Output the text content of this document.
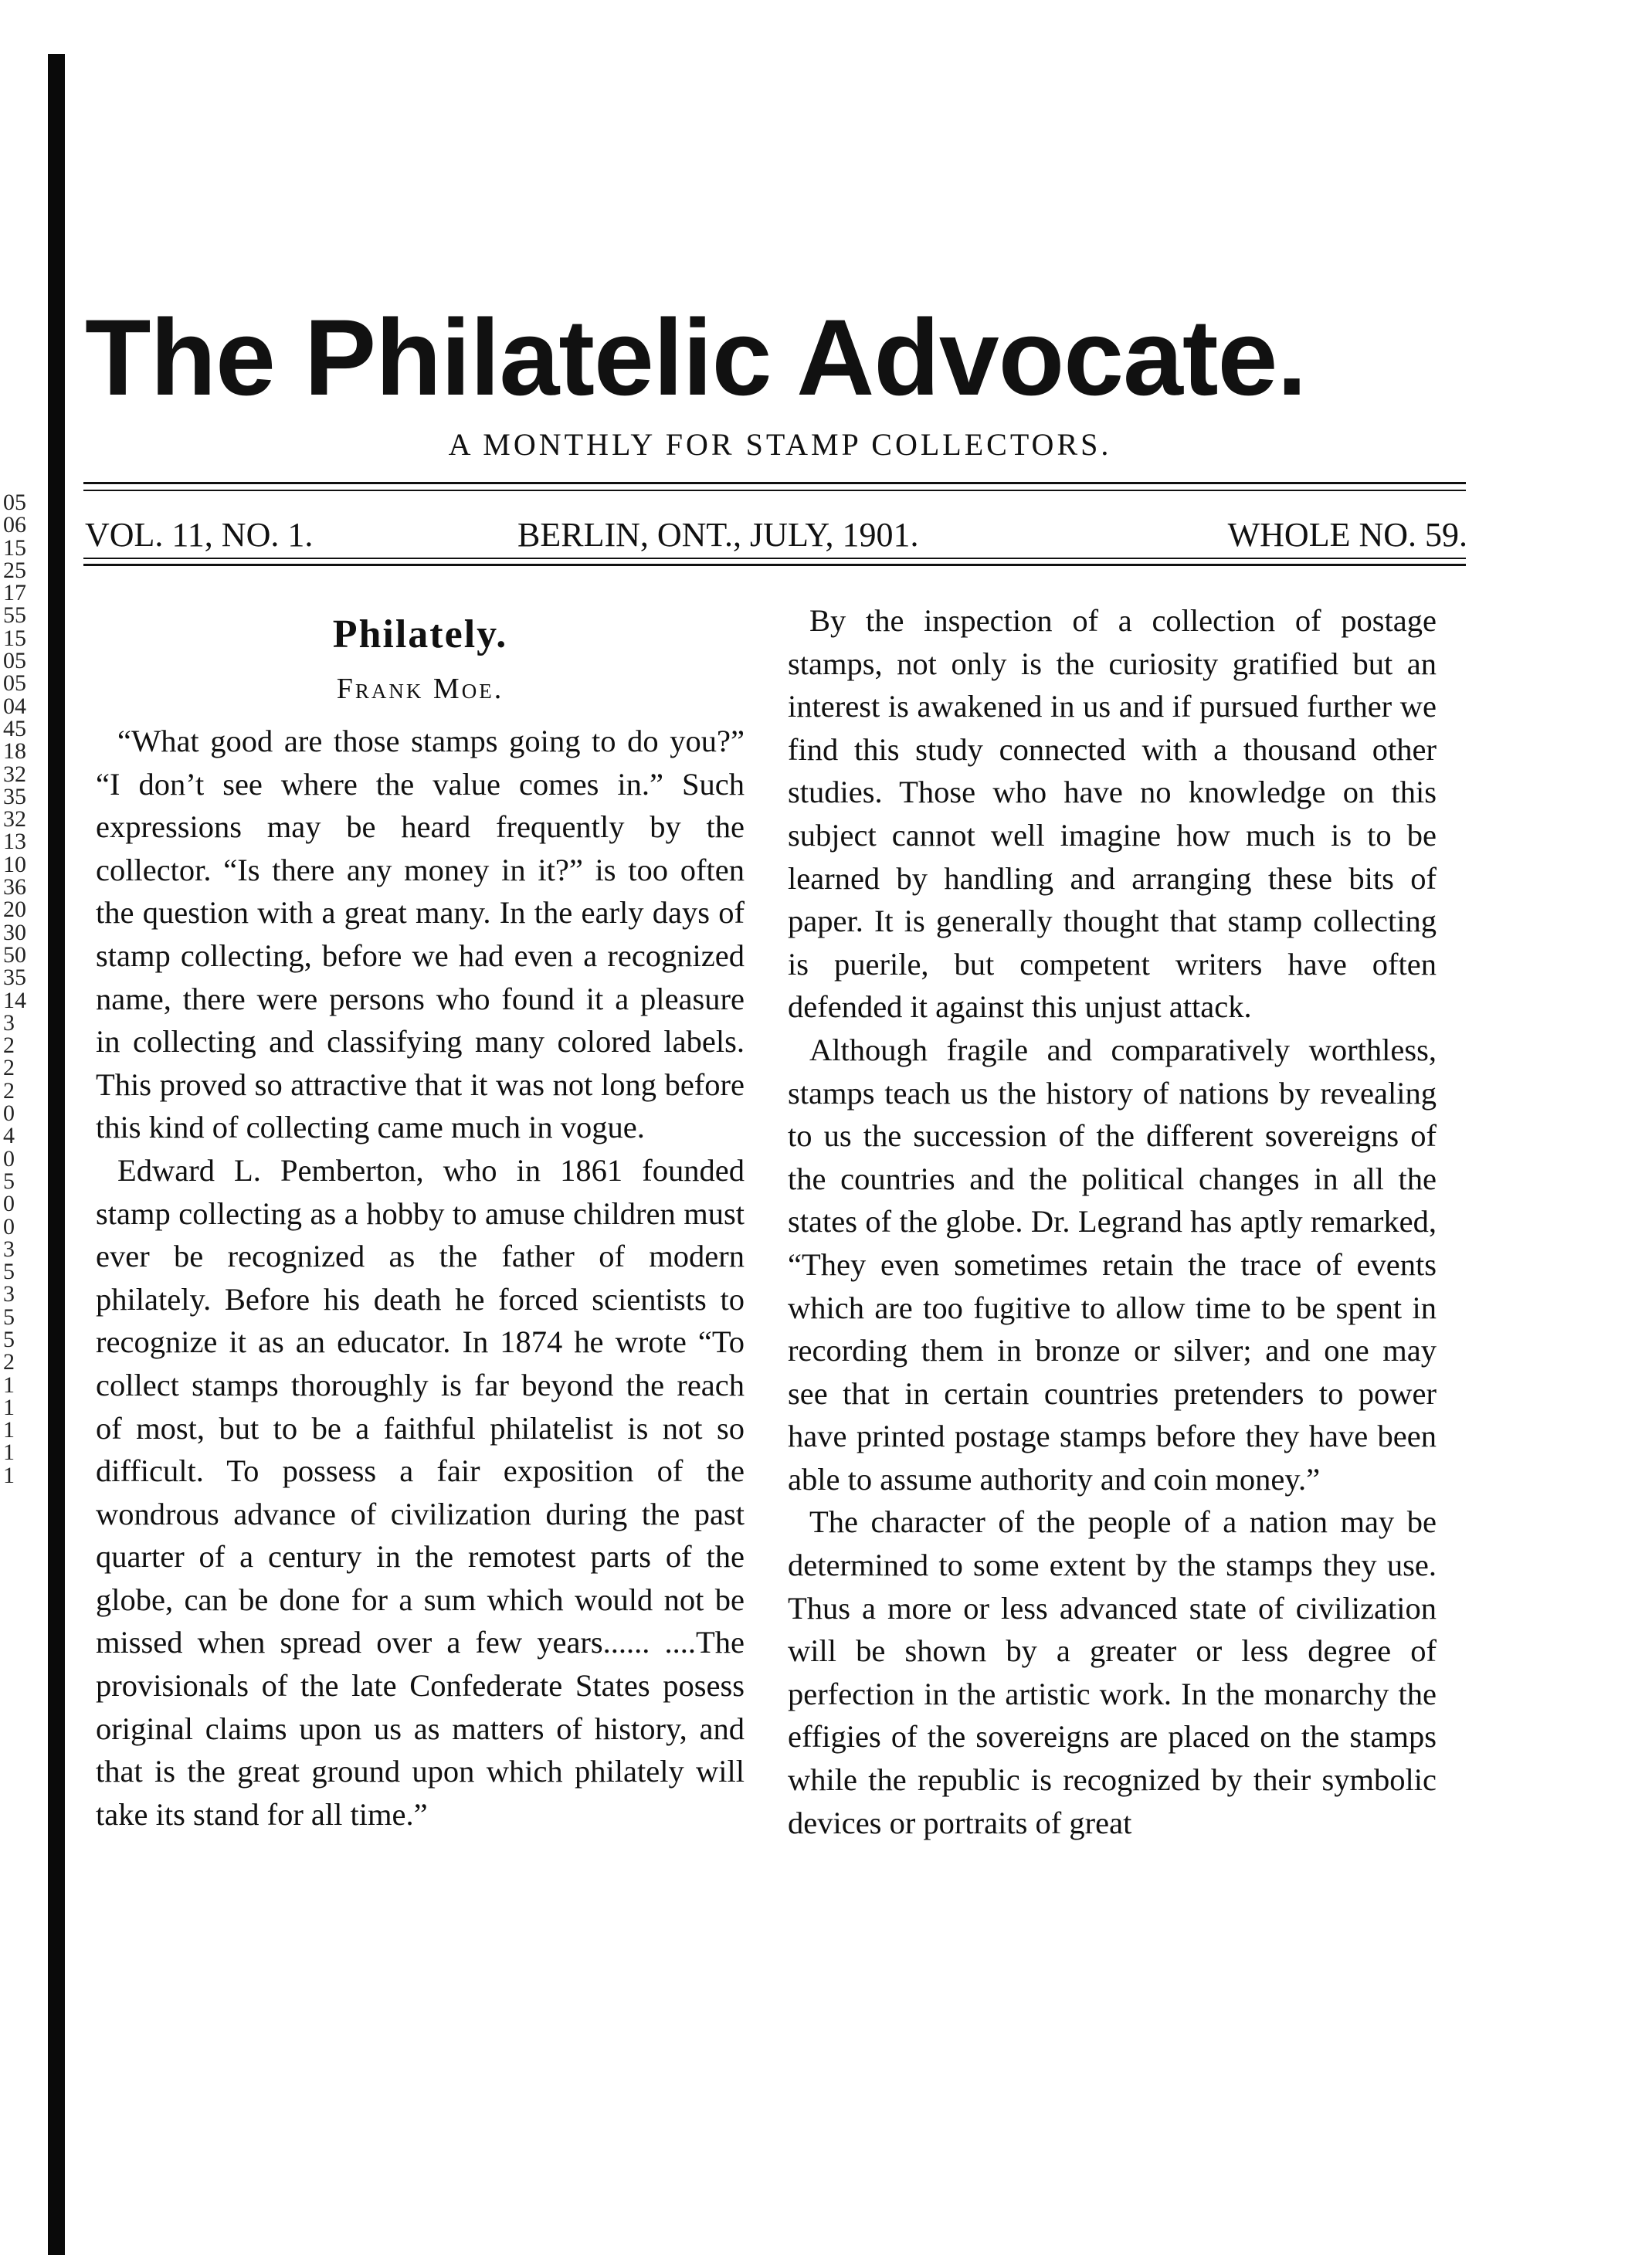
05
06
15
25
17
55
15
05
05
04
45
18
32
35
32
13
10
36
20
30
50
35
14
3
2
2
2
0
4
0
5
0
0
3
5
3
5
5
2
1
1
1
1
1
The Philatelic Advocate.
A MONTHLY FOR STAMP COLLECTORS.
VOL. 11, NO. 1.	BERLIN, ONT., JULY, 1901.	WHOLE NO. 59.
Philately.
Frank Moe.

“What good are those stamps going to do you?” “I don’t see where the value comes in.” Such expressions may be heard frequently by the collector. “Is there any money in it?” is too often the question with a great many. In the early days of stamp collecting, before we had even a recognized name, there were persons who found it a pleasure in collecting and classifying many colored labels. This proved so attractive that it was not long before this kind of collecting came much in vogue.

Edward L. Pemberton, who in 1861 founded stamp collecting as a hobby to amuse children must ever be recognized as the father of modern philately. Before his death he forced scientists to recognize it as an educator. In 1874 he wrote “To collect stamps thoroughly is far beyond the reach of most, but to be a faithful philatelist is not so difficult. To possess a fair exposition of the wondrous advance of civilization during the past quarter of a century in the remotest parts of the globe, can be done for a sum which would not be missed when spread over a few years...... ....The provisionals of the late Confederate States posess original claims upon us as matters of history, and that is the great ground upon which philately will take its stand for all time.”

By the inspection of a collection of postage stamps, not only is the curiosity gratified but an interest is awakened in us and if pursued further we find this study connected with a thousand other studies. Those who have no knowledge on this subject cannot well imagine how much is to be learned by handling and arranging these bits of paper. It is generally thought that stamp collecting is puerile, but competent writers have often defended it against this unjust attack.

Although fragile and comparatively worthless, stamps teach us the history of nations by revealing to us the succession of the different sovereigns of the countries and the political changes in all the states of the globe. Dr. Legrand has aptly remarked, “They even sometimes retain the trace of events which are too fugitive to allow time to be spent in recording them in bronze or silver; and one may see that in certain countries pretenders to power have printed postage stamps before they have been able to assume authority and coin money.”

The character of the people of a nation may be determined to some extent by the stamps they use. Thus a more or less advanced state of civilization will be shown by a greater or less degree of perfection in the artistic work. In the monarchy the effigies of the sovereigns are placed on the stamps while the republic is recognized by their symbolic devices or portraits of great
